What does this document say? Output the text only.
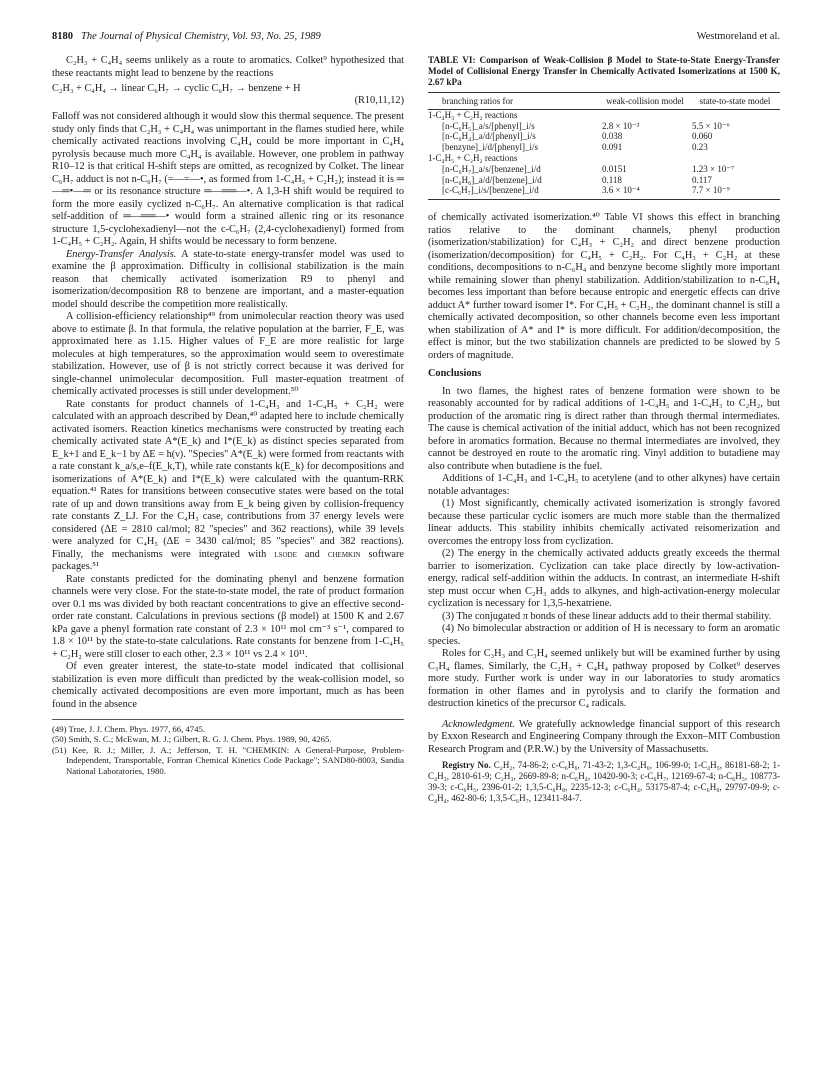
8180 The Journal of Physical Chemistry, Vol. 93, No. 25, 1989	Westmoreland et al.

C₂H₃ + C₄H₄ seems unlikely as a route to aromatics. Colket⁹ hypothesized that these reactants might lead to benzene by the reactions

C₂H₃ + C₄H₄ → linear C₆H₇ → cyclic C₆H₇ → benzene + H
(R10,11,12)

Falloff was not considered although it would slow this thermal sequence. The present study only finds that C₂H₃ + C₄H₄ was unimportant in the flames studied here, while chemically activated reactions involving C₄H₄ could be more important in C₄H₄ pyrolysis because much more C₄H₄ is available. However, one problem in pathway R10–12 is that critical H-shift steps are omitted, as recognized by Colket. The linear C₆H₇ adduct is not n-C₆H₇ (=—=—•, as formed from 1-C₄H₅ + C₂H₂); instead it is ═—═•—═ or its resonance structure ═—══—•. A 1,3-H shift would be required to form the more easily cyclized n-C₆H₇. An alternative complication is that radical self-addition of ═—══—• would form a strained allenic ring or its resonance structure 1,5-cyclohexadienyl—not the c-C₆H₇ (2,4-cyclohexadienyl) formed from 1-C₄H₅ + C₂H₂. Again, H shifts would be necessary to form benzene.

Energy-Transfer Analysis. A state-to-state energy-transfer model was used to examine the β approximation. Difficulty in collisional stabilization is the main reason that chemically activated isomerization R9 to phenyl and isomerization/decomposition R8 to benzene are important, and a master-equation model should describe the competition more realistically.

A collision-efficiency relationship⁴⁹ from unimolecular reaction theory was used above to estimate β. In that formula, the relative population at the barrier, F_E, was approximated here as 1.15. Higher values of F_E are more realistic for large molecules at high temperatures, so the approximation would seem to overestimate stabilization. However, use of β is not strictly correct because it was derived for single-channel unimolecular decomposition. Full master-equation treatment of chemically activated processes is still under development.⁵⁰

Rate constants for product channels of 1-C₄H₃ and 1-C₄H₅ + C₂H₂ were calculated with an approach described by Dean,⁴⁰ adapted here to include chemically activated isomers. Reaction kinetics mechanisms were constructed by treating each chemically activated state A*(E_k) and I*(E_k) as distinct species separated from E_k+1 and E_k−1 by ΔE = h(ν). "Species" A*(E_k) were formed from reactants with a rate constant k_a/s,e–f(E_k,T), while rate constants k(E_k) for decompositions and isomerizations of A*(E_k) and I*(E_k) were calculated with the quantum-RRK equation.⁴¹ Rates for transitions between consecutive states were based on the total rate of up and down transitions away from E_k being given by collision-frequency rate constants Z_LJ. For the C₄H₃ case, contributions from 37 energy levels were considered (ΔE = 2810 cal/mol; 82 "species" and 362 reactions), while 39 levels were analyzed for C₄H₅ (ΔE = 3430 cal/mol; 85 "species" and 382 reactions). Finally, the mechanisms were integrated with lsode and chemkin software packages.⁵¹

Rate constants predicted for the dominating phenyl and benzene formation channels were very close. For the state-to-state model, the rate of product formation over 0.1 ms was divided by both reactant concentrations to give an effective second-order rate constant. Calculations in previous sections (β model) at 1500 K and 2.67 kPa gave a phenyl formation rate constant of 2.3 × 10¹¹ mol cm⁻³ s⁻¹, compared to 1.8 × 10¹¹ by the state-to-state calculations. Rate constants for benzene from 1-C₄H₅ + C₂H₂ were still closer to each other, 2.3 × 10¹¹ vs 2.4 × 10¹¹.

Of even greater interest, the state-to-state model indicated that collisional stabilization is even more difficult than predicted by the weak-collision model, so chemically activated decompositions are even more important, much as has been found in the absence

(49) Troe, J. J. Chem. Phys. 1977, 66, 4745.

(50) Smith, S. C.; McEwan, M. J.; Gilbert, R. G. J. Chem. Phys. 1989, 90, 4265.

(51) Kee, R. J.; Miller, J. A.; Jefferson, T. H. "CHEMKIN: A General-Purpose, Problem-Independent, Transportable, Fortran Chemical Kinetics Code Package"; SAND80-8003, Sandia National Laboratories, 1980.

TABLE VI: Comparison of Weak-Collision β Model to State-to-State Energy-Transfer Model of Collisional Energy Transfer in Chemically Activated Isomerizations at 1500 K, 2.67 kPa

branching ratios for	weak-collision model	state-to-state model
1-C₄H₃ + C₂H₂ reactions		
[n-C₆H₅]_a/s/[phenyl]_i/s	2.8 × 10⁻³	5.5 × 10⁻⁶
[n-C₆H₄]_a/d/[phenyl]_i/s	0.038	0.060
[benzyne]_i/d/[phenyl]_i/s	0.091	0.23
1-C₄H₅ + C₂H₂ reactions		
[n-C₆H₇]_a/s/[benzene]_i/d	0.0151	1.23 × 10⁻⁷
[n-C₆H₆]_a/d/[benzene]_i/d	0.118	0.117
[c-C₆H₇]_i/s/[benzene]_i/d	3.6 × 10⁻⁴	7.7 × 10⁻⁹

of chemically activated isomerization.⁴⁰ Table VI shows this effect in branching ratios relative to the dominant channels, phenyl production (isomerization/stabilization) for C₄H₃ + C₂H₂ and direct benzene production (isomerization/decomposition) for C₄H₅ + C₂H₂. For C₄H₃ + C₂H₂ at these conditions, decompositions to n-C₆H₄ and benzyne become slightly more important while remaining slower than phenyl stabilization. Addition/stabilization to n-C₆H₄ becomes less important than before because entropic and energetic effects can drive adduct A* further toward isomer I*. For C₄H₅ + C₂H₂, the dominant channel is still a chemically activated decomposition, so other channels become even less important when stabilization of A* and I* is more difficult. For addition/decomposition, the effect is minor, but the two stabilization channels are predicted to be slowed by 5 orders of magnitude.

Conclusions

In two flames, the highest rates of benzene formation were shown to be reasonably accounted for by radical additions of 1-C₄H₅ and 1-C₄H₃ to C₂H₂, but production of the aromatic ring is direct rather than through thermal intermediates. The cause is chemical activation of the initial adduct, which has not been recognized before in aromatics formation. Because no thermal intermediates are involved, they cannot be destroyed en route to the aromatic ring. Vinyl addition to butadiene may also contribute when butadiene is the fuel.

Additions of 1-C₄H₃ and 1-C₄H₅ to acetylene (and to other alkynes) have certain notable advantages:

(1) Most significantly, chemically activated isomerization is strongly favored because these particular cyclic isomers are much more stable than the thermalized linear adducts. This stability inhibits chemically activated reisomerization and overcomes the entropy loss from cyclization.

(2) The energy in the chemically activated adducts greatly exceeds the thermal barrier to isomerization. Cyclization can take place directly by low-activation-energy, radical self-addition within the adducts. In contrast, an intermediate H-shift step must occur when C₂H₃ adds to alkynes, and high-activation-energy molecular cyclization is necessary for 1,3,5-hexatriene.

(3) The conjugated π bonds of these linear adducts add to their thermal stability.

(4) No bimolecular abstraction or addition of H is necessary to form an aromatic species.

Roles for C₃H₃ and C₃H₄ seemed unlikely but will be examined further by using C₃H₄ flames. Similarly, the C₂H₃ + C₄H₄ pathway proposed by Colket⁹ deserves more study. Further work is under way in our laboratories to study aromatics formation in other flames and in pyrolysis and to clarify the formation and destruction kinetics of the precursor C₄ radicals.

Acknowledgment. We gratefully acknowledge financial support of this research by Exxon Research and Engineering Company through the Exxon–MIT Combustion Research Program and (P.R.W.) by the University of Massachusetts.

Registry No. C₂H₂, 74-86-2; c-C₆H₆, 71-43-2; 1,3-C₄H₆, 106-99-0; 1-C₄H₅, 86181-68-2; 1-C₄H₃, 2810-61-9; C₂H₃, 2669-89-8; n-C₆H₄, 10420-90-3; c-C₆H₇, 12169-67-4; n-C₆H₅, 108773-39-3; c-C₆H₅, 2396-01-2; 1,3,5-C₆H₈, 2235-12-3; c-C₆H₄, 53175-87-4; c-C₆H₈, 29797-09-9; c-C₄H₄, 462-80-6; 1,3,5-C₆H₇, 123411-84-7.
